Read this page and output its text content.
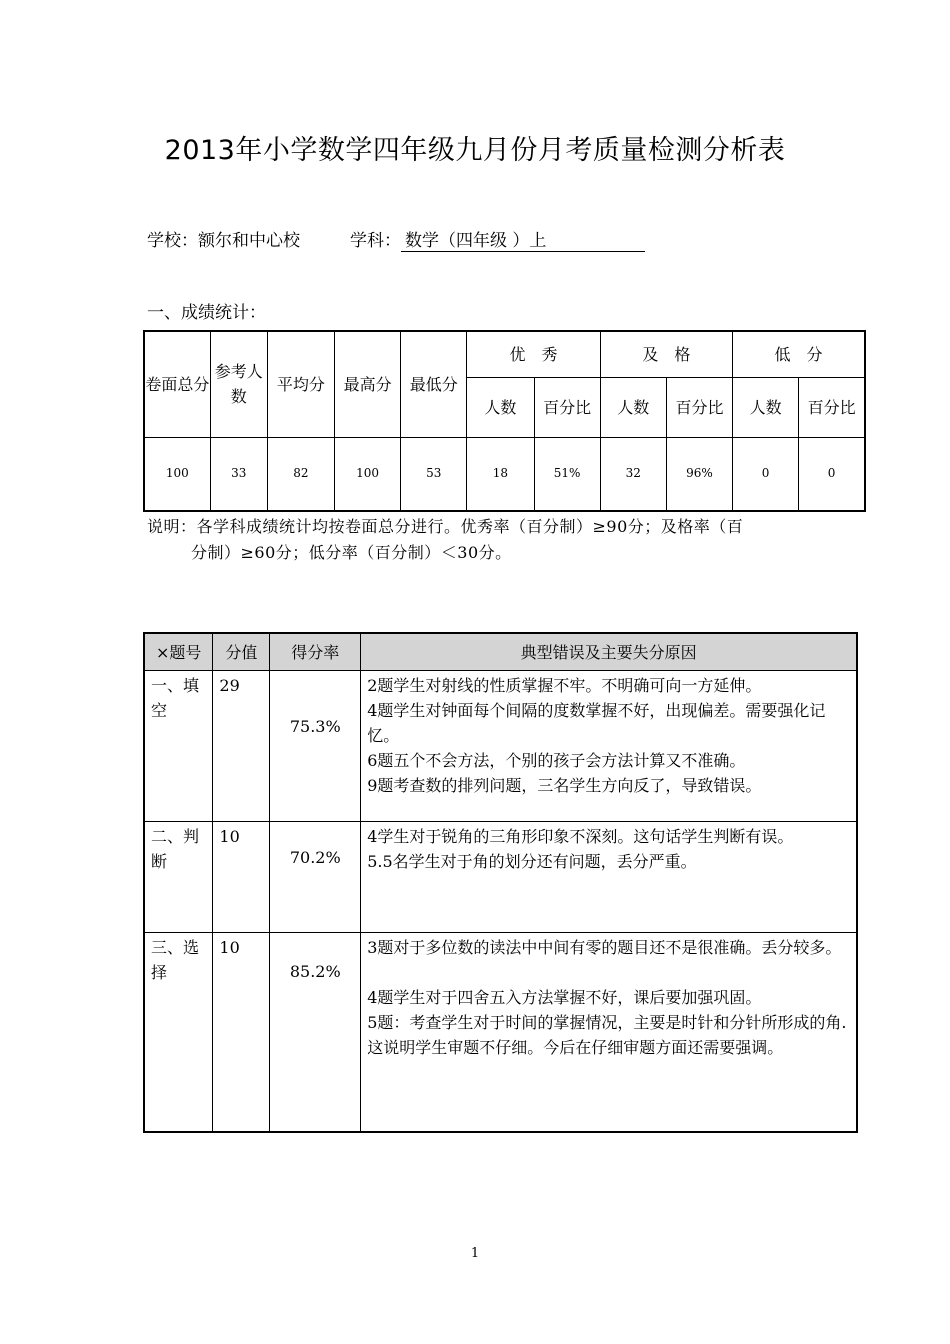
2013年小学数学四年级九月份月考质量检测分析表
学校：额尔和中心校	学科： 数学（四年级 ）上
一、成绩统计：
卷面总分	参考人数	平均分	最高分	最低分	优　秀		及　格		低　分	
					人数	百分比	人数	百分比	人数	百分比
100	33	82	100	53	18	51%	32	96%	0	0
说明：各学科成绩统计均按卷面总分进行。优秀率（百分制）≥90分；及格率（百
分制）≥60分；低分率（百分制）＜30分。
×题号	分值	得分率	典型错误及主要失分原因
一、填空	29	75.3%	2题学生对射线的性质掌握不牢。不明确可向一方延伸。

4题学生对钟面每个间隔的度数掌握不好，出现偏差。需要强化记忆。

6题五个不会方法，个别的孩子会方法计算又不准确。

9题考查数的排列问题，三名学生方向反了，导致错误。

二、判断	10	70.2%	4学生对于锐角的三角形印象不深刻。这句话学生判断有误。

5.5名学生对于角的划分还有问题，丢分严重。

三、选择	10	85.2%	3题对于多位数的读法中中间有零的题目还不是很准确。丢分较多。

4题学生对于四舍五入方法掌握不好，课后要加强巩固。

5题：考查学生对于时间的掌握情况，主要是时针和分针所形成的角.这说明学生审题不仔细。今后在仔细审题方面还需要强调。

1
